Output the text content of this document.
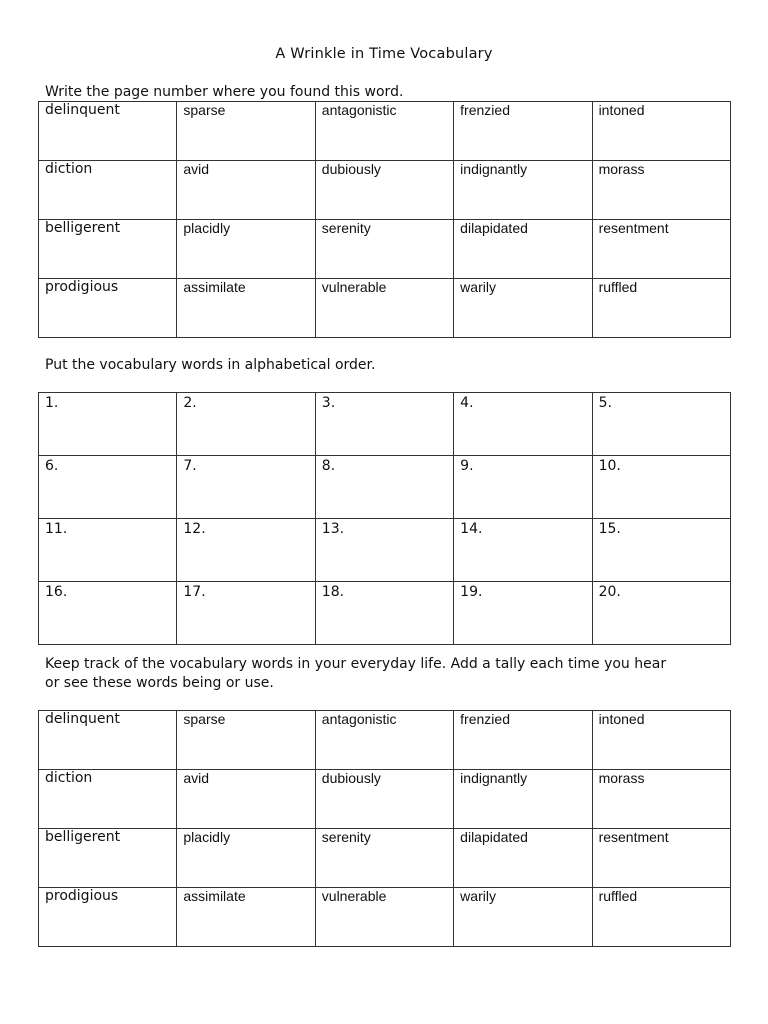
A Wrinkle in Time Vocabulary
Write the page number where you found this word.
delinquent	sparse	antagonistic	frenzied	intoned
diction	avid	dubiously	indignantly	morass
belligerent	placidly	serenity	dilapidated	resentment
prodigious	assimilate	vulnerable	warily	ruffled
Put the vocabulary words in alphabetical order.
1.	2.	3.	4.	5.
6.	7.	8.	9.	10.
11.	12.	13.	14.	15.
16.	17.	18.	19.	20.
Keep track of the vocabulary words in your everyday life. Add a tally each time you hear
or see these words being or use.
delinquent	sparse	antagonistic	frenzied	intoned
diction	avid	dubiously	indignantly	morass
belligerent	placidly	serenity	dilapidated	resentment
prodigious	assimilate	vulnerable	warily	ruffled
